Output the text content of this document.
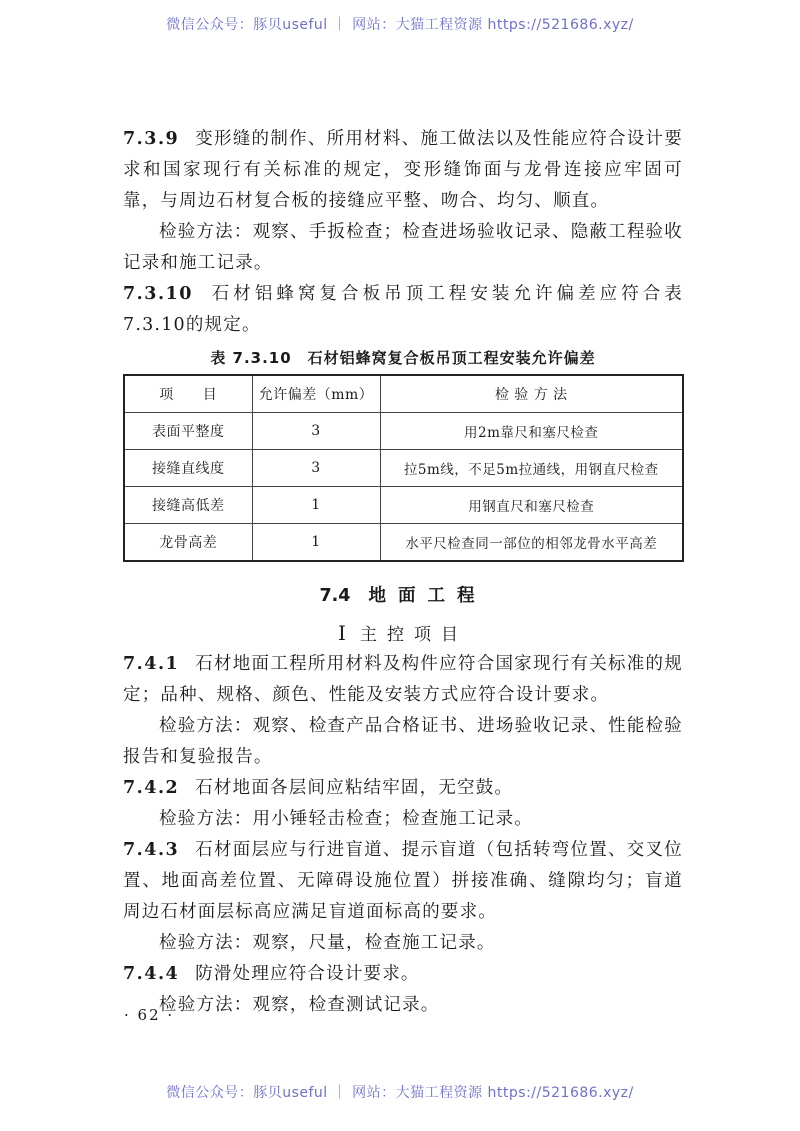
微信公众号：豚贝useful ｜ 网站：大猫工程资源 https://521686.xyz/

7.3.9 变形缝的制作、所用材料、施工做法以及性能应符合设计要求和国家现行有关标准的规定，变形缝饰面与龙骨连接应牢固可靠，与周边石材复合板的接缝应平整、吻合、均匀、顺直。

检验方法：观察、手扳检查；检查进场验收记录、隐蔽工程验收记录和施工记录。

7.3.10 石材铝蜂窝复合板吊顶工程安装允许偏差应符合表7.3.10的规定。

表 7.3.10　石材铝蜂窝复合板吊顶工程安装允许偏差
项　　目	允许偏差（mm）	检 验 方 法
表面平整度	3	用2m靠尺和塞尺检查
接缝直线度	3	拉5m线，不足5m拉通线，用钢直尺检查
接缝高低差	1	用钢直尺和塞尺检查
龙骨高差	1	水平尺检查同一部位的相邻龙骨水平高差
7.4 地面工程
Ⅰ 主控项目

7.4.1 石材地面工程所用材料及构件应符合国家现行有关标准的规定；品种、规格、颜色、性能及安装方式应符合设计要求。

检验方法：观察、检查产品合格证书、进场验收记录、性能检验报告和复验报告。

7.4.2 石材地面各层间应粘结牢固，无空鼓。

检验方法：用小锤轻击检查；检查施工记录。

7.4.3 石材面层应与行进盲道、提示盲道（包括转弯位置、交叉位置、地面高差位置、无障碍设施位置）拼接准确、缝隙均匀；盲道周边石材面层标高应满足盲道面标高的要求。

检验方法：观察，尺量，检查施工记录。

7.4.4 防滑处理应符合设计要求。

检验方法：观察，检查测试记录。

· 62 ·
微信公众号：豚贝useful ｜ 网站：大猫工程资源 https://521686.xyz/
